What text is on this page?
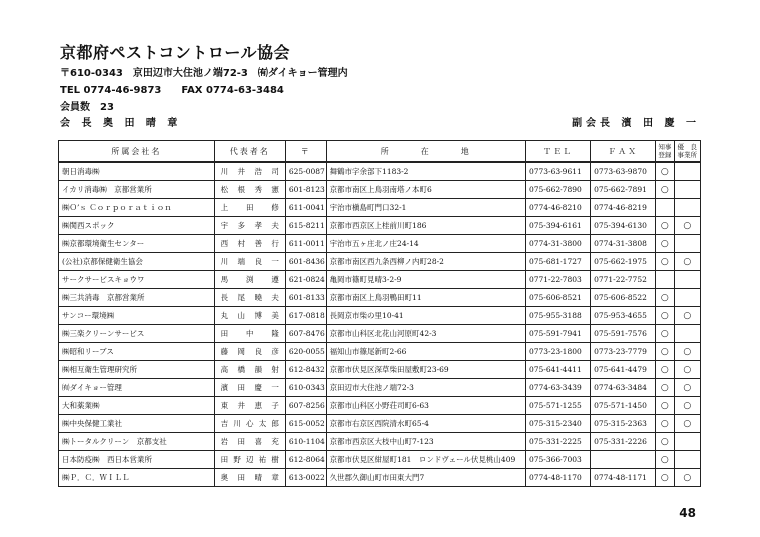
京都府ペストコントロール協会
〒610-0343　京田辺市大住池ノ端72-3　㈲ダイキョー管理内
TEL 0774-46-9873　　FAX 0774-63-3484
会員数　23
会 長 奥 田 晴 章	副会長 濱 田 慶 一
所属会社名	代表者名	〒	所　　　在　　　地	ＴＥＬ	ＦＡＸ	知事登録	優　良事業所
朝日消毒㈱	川井浩司	625-0087	舞鶴市字余部下1183-2	0773-63-9611	0773-63-9870	○	
イカリ消毒㈱　京都営業所	松根秀憲	601-8123	京都市南区上鳥羽南塔ノ本町6	075-662-7890	075-662-7891	○	
㈱Ｏ’ｓ Ｃｏｒｐｏｒａｔｉｏｎ	上田修	611-0041	宇治市槇島町門口32-1	0774-46-8210	0774-46-8219		
㈱関西スポック	宇多孝夫	615-8211	京都市西京区上桂前川町186	075-394-6161	075-394-6130	○	○
㈱京都環境衛生センター	西村善行	611-0011	宇治市五ヶ庄北ノ庄24-14	0774-31-3800	0774-31-3808	○	
(公社)京都保健衛生協会	川端良一	601-8436	京都市南区西九条西柳ノ内町28-2	075-681-1727	075-662-1975	○	○
サークサービスキョウワ	馬渕遵	621-0824	亀岡市篠町見晴3-2-9	0771-22-7803	0771-22-7752		
㈱三共消毒　京都営業所	長尾曉夫	601-8133	京都市南区上鳥羽鴨田町11	075-606-8521	075-606-8522	○	
サンコー環境㈱	丸山博美	617-0818	長岡京市柴の里10-41	075-955-3188	075-953-4655	○	○
㈱三楽クリーンサービス	田中隆	607-8476	京都市山科区北花山河原町42-3	075-591-7941	075-591-7576	○	
㈱昭和リーブス	藤岡良彦	620-0055	福知山市篠尾新町2-66	0773-23-1800	0773-23-7779	○	○
㈱相互衛生管理研究所	高橋韻射	612-8432	京都市伏見区深草柴田屋敷町23-69	075-641-4411	075-641-4479	○	○
㈲ダイキョー管理	濱田慶一	610-0343	京田辺市大住池ノ端72-3	0774-63-3439	0774-63-3484	○	○
大和薬業㈱	東井恵子	607-8256	京都市山科区小野荘司町6-63	075-571-1255	075-571-1450	○	○
㈱中央保健工業社	吉川心太郎	615-0052	京都市右京区西院清水町65-4	075-315-2340	075-315-2363	○	○
㈱トータルクリーン　京都支社	岩田喜充	610-1104	京都市西京区大枝中山町7-123	075-331-2225	075-331-2226	○	
日本防疫㈱　西日本営業所	田野辺祐樹	612-8064	京都市伏見区紺屋町181　ロンドヴェール伏見桃山409	075-366-7003		○	
㈱Ｐ．Ｃ．ＷＩＬＬ	奥田晴章	613-0022	久世郡久御山町市田東大門7	0774-48-1170	0774-48-1171	○	○
48
